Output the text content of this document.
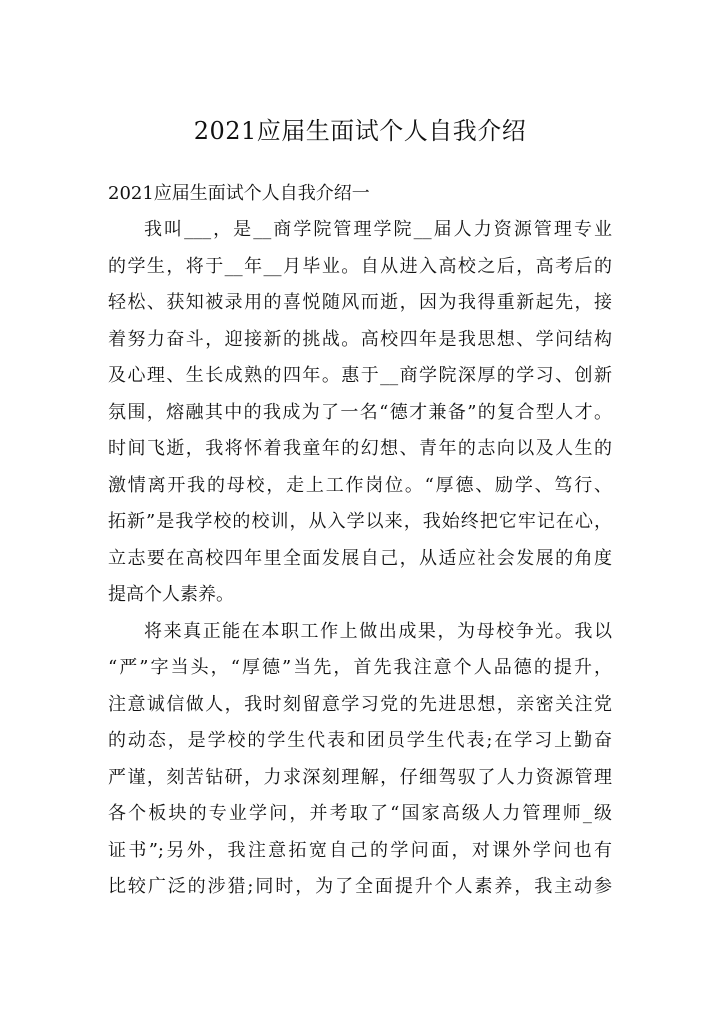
2021应届生面试个人自我介绍

2021应届生面试个人自我介绍一

我叫___，是__商学院管理学院__届人力资源管理专业

的学生，将于__年__月毕业。自从进入高校之后，高考后的

轻松、获知被录用的喜悦随风而逝，因为我得重新起先，接

着努力奋斗，迎接新的挑战。高校四年是我思想、学问结构

及心理、生长成熟的四年。惠于__商学院深厚的学习、创新

氛围，熔融其中的我成为了一名“德才兼备”的复合型人才。

时间飞逝，我将怀着我童年的幻想、青年的志向以及人生的

激情离开我的母校，走上工作岗位。“厚德、励学、笃行、

拓新”是我学校的校训，从入学以来，我始终把它牢记在心，

立志要在高校四年里全面发展自己，从适应社会发展的角度

提高个人素养。

将来真正能在本职工作上做出成果，为母校争光。我以

“严”字当头，“厚德”当先，首先我注意个人品德的提升，

注意诚信做人，我时刻留意学习党的先进思想，亲密关注党

的动态，是学校的学生代表和团员学生代表;在学习上勤奋

严谨，刻苦钻研，力求深刻理解，仔细驾驭了人力资源管理

各个板块的专业学问，并考取了“国家高级人力管理师_级

证书”;另外，我注意拓宽自己的学问面，对课外学问也有

比较广泛的涉猎;同时，为了全面提升个人素养，我主动参
